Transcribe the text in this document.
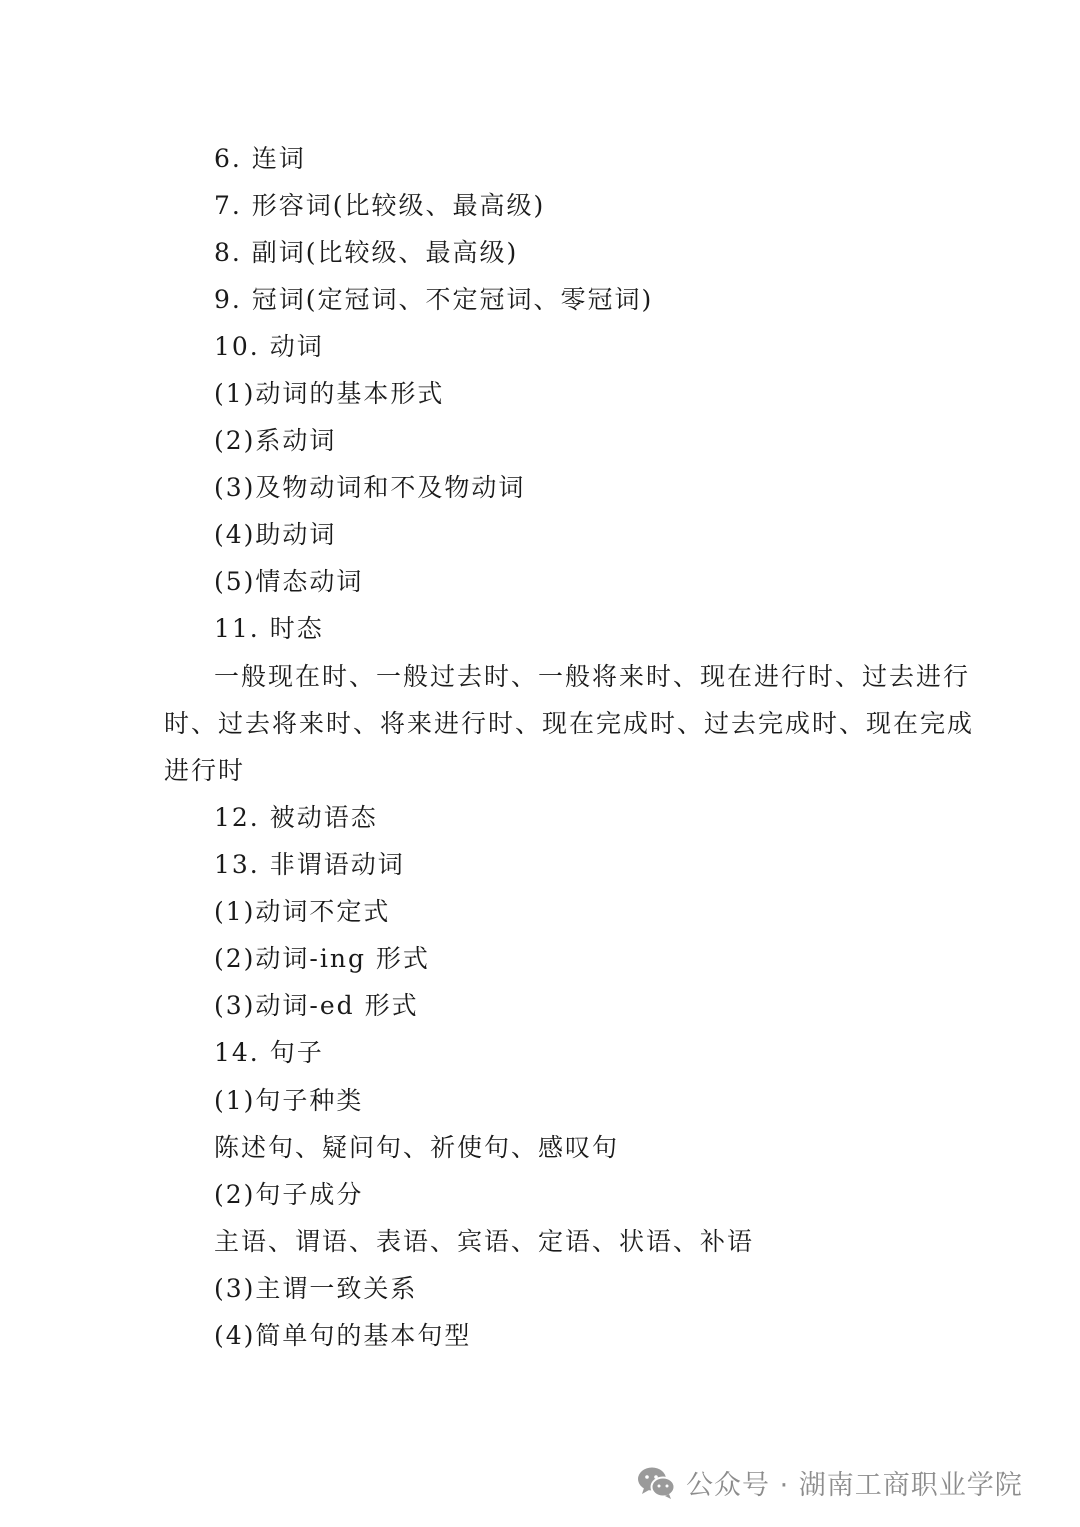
6. 连词
7. 形容词(比较级、最高级)
8. 副词(比较级、最高级)
9. 冠词(定冠词、不定冠词、零冠词)
10. 动词
(1)动词的基本形式
(2)系动词
(3)及物动词和不及物动词
(4)助动词
(5)情态动词
11. 时态
一般现在时、一般过去时、一般将来时、现在进行时、过去进行
时、过去将来时、将来进行时、现在完成时、过去完成时、现在完成
进行时
12. 被动语态
13. 非谓语动词
(1)动词不定式
(2)动词-ing 形式
(3)动词-ed 形式
14. 句子
(1)句子种类
陈述句、疑问句、祈使句、感叹句
(2)句子成分
主语、谓语、表语、宾语、定语、状语、补语
(3)主谓一致关系
(4)简单句的基本句型
公众号 · 湖南工商职业学院
